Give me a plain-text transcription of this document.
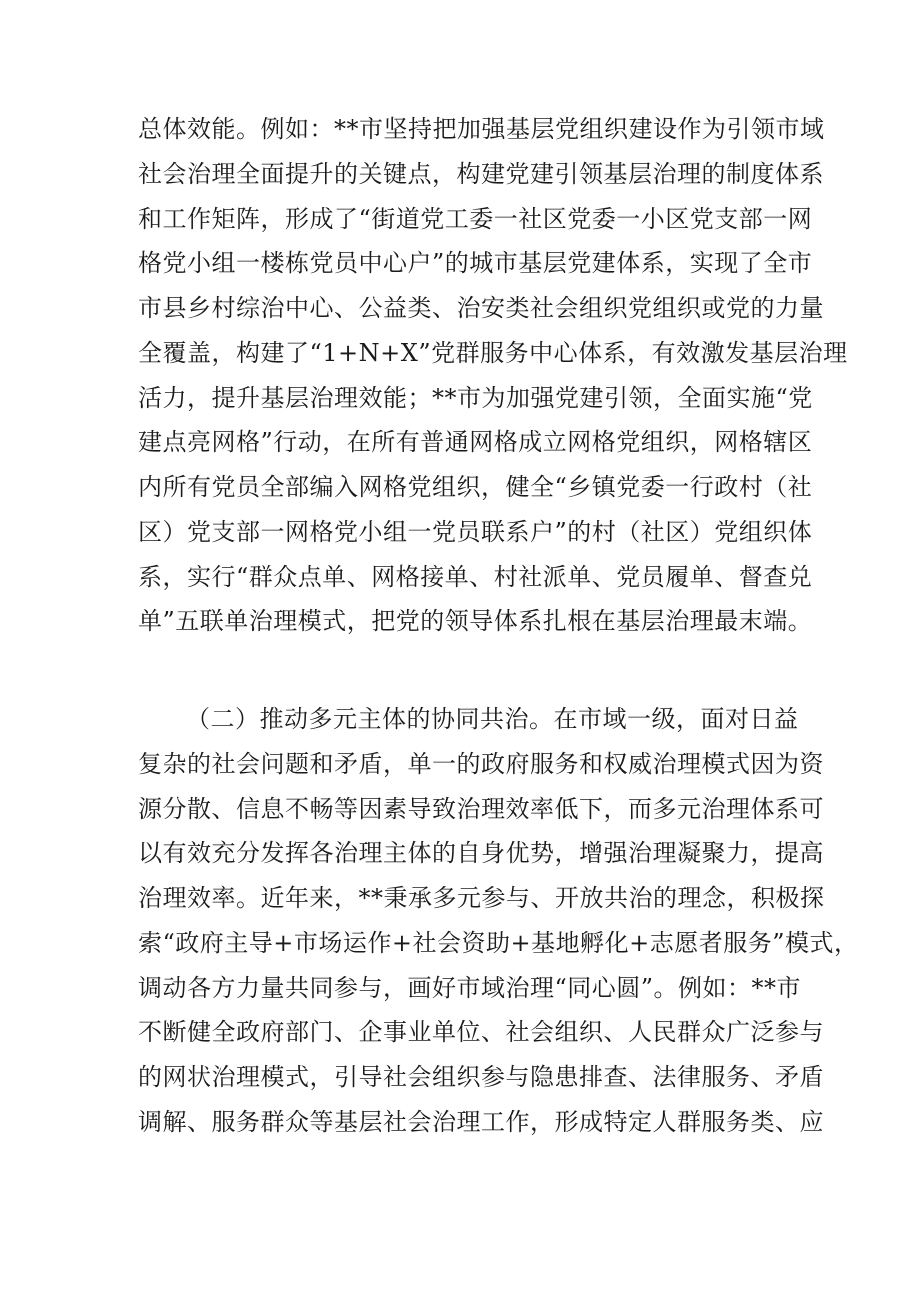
总体效能。例如：**市坚持把加强基层党组织建设作为引领市域
社会治理全面提升的关键点，构建党建引领基层治理的制度体系
和工作矩阵，形成了“街道党工委一社区党委一小区党支部一网
格党小组一楼栋党员中心户”的城市基层党建体系，实现了全市
市县乡村综治中心、公益类、治安类社会组织党组织或党的力量
全覆盖，构建了“1+N+X”党群服务中心体系，有效激发基层治理
活力，提升基层治理效能；**市为加强党建引领，全面实施“党
建点亮网格”行动，在所有普通网格成立网格党组织，网格辖区
内所有党员全部编入网格党组织，健全“乡镇党委一行政村（社
区）党支部一网格党小组一党员联系户”的村（社区）党组织体
系，实行“群众点单、网格接单、村社派单、党员履单、督查兑
单”五联单治理模式，把党的领导体系扎根在基层治理最末端。
（二）推动多元主体的协同共治。在市域一级，面对日益
复杂的社会问题和矛盾，单一的政府服务和权威治理模式因为资
源分散、信息不畅等因素导致治理效率低下，而多元治理体系可
以有效充分发挥各治理主体的自身优势，增强治理凝聚力，提高
治理效率。近年来，**秉承多元参与、开放共治的理念，积极探
索“政府主导+市场运作+社会资助+基地孵化+志愿者服务”模式，
调动各方力量共同参与，画好市域治理“同心圆”。例如：**市
不断健全政府部门、企事业单位、社会组织、人民群众广泛参与
的网状治理模式，引导社会组织参与隐患排查、法律服务、矛盾
调解、服务群众等基层社会治理工作，形成特定人群服务类、应
